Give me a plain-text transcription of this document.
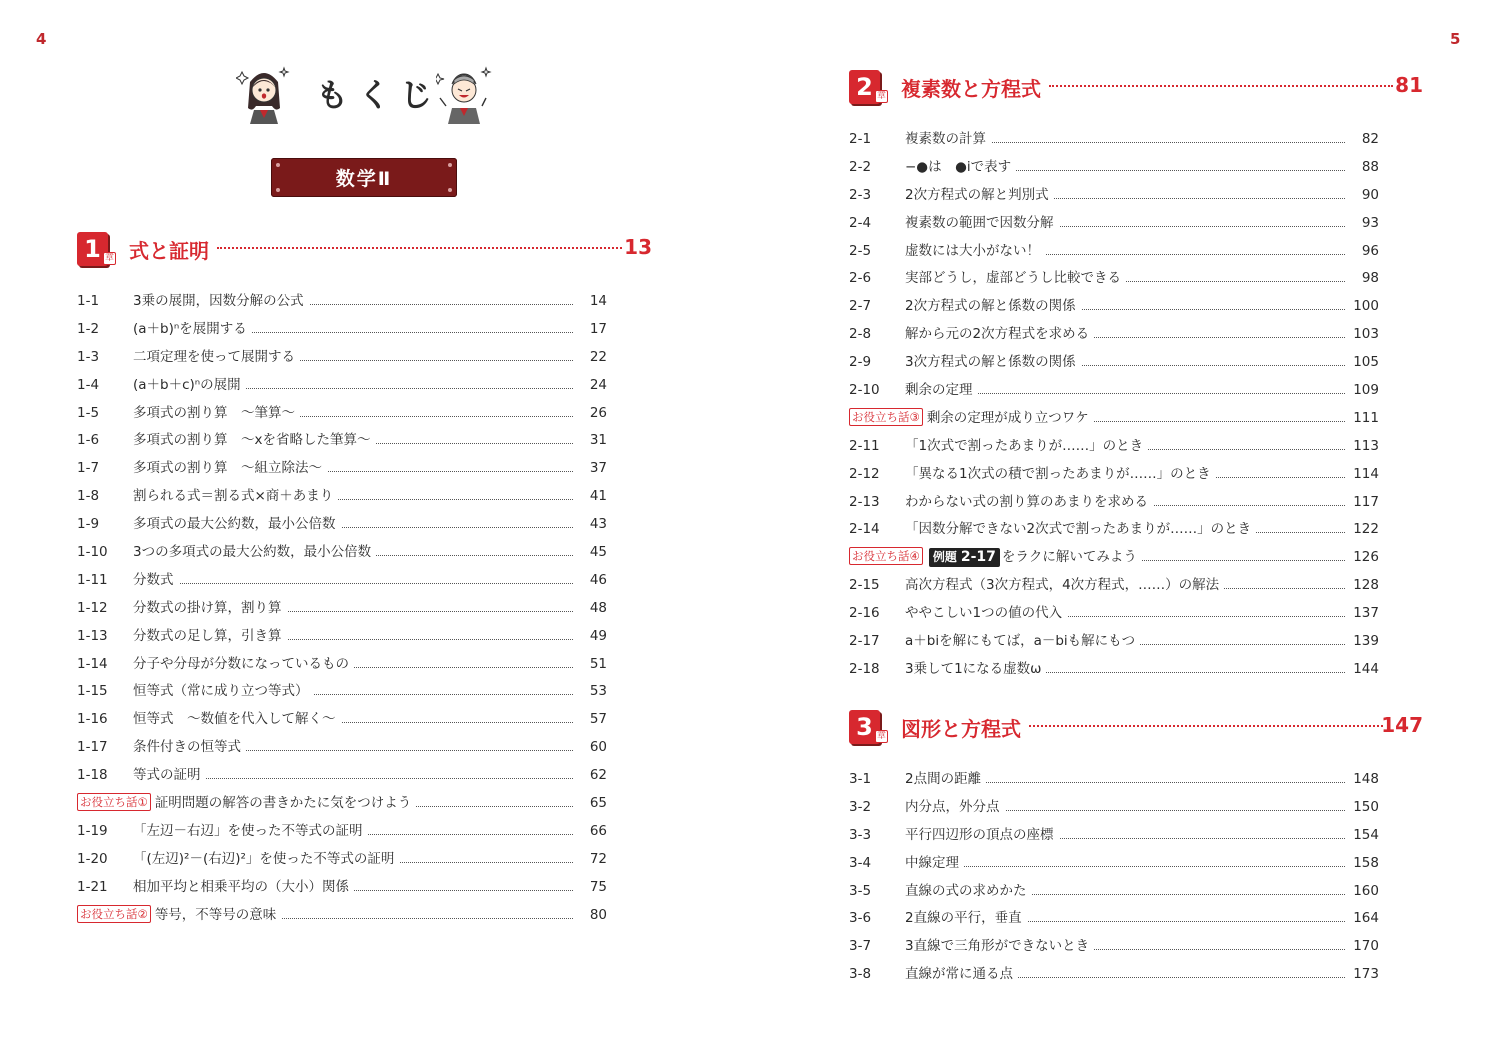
4	5
もくじ
数学Ⅱ
1 章 式と証明	13
1-1	3乗の展開，因数分解の公式	14
1-2	(a＋b)ⁿを展開する	17
1-3	二項定理を使って展開する	22
1-4	(a＋b＋c)ⁿの展開	24
1-5	多項式の割り算　～筆算～	26
1-6	多項式の割り算　～xを省略した筆算～	31
1-7	多項式の割り算　～組立除法～	37
1-8	割られる式＝割る式×商＋あまり	41
1-9	多項式の最大公約数，最小公倍数	43
1-10	3つの多項式の最大公約数，最小公倍数	45
1-11	分数式	46
1-12	分数式の掛け算，割り算	48
1-13	分数式の足し算，引き算	49
1-14	分子や分母が分数になっているもの	51
1-15	恒等式（常に成り立つ等式）	53
1-16	恒等式　～数値を代入して解く～	57
1-17	条件付きの恒等式	60
1-18	等式の証明	62
お役立ち話① 証明問題の解答の書きかたに気をつけよう	65
1-19	「左辺－右辺」を使った不等式の証明	66
1-20	「(左辺)²－(右辺)²」を使った不等式の証明	72
1-21	相加平均と相乗平均の（大小）関係	75
お役立ち話② 等号，不等号の意味	80
2 章 複素数と方程式	81
2-1	複素数の計算	82
2-2	−●は　●iで表す	88
2-3	2次方程式の解と判別式	90
2-4	複素数の範囲で因数分解	93
2-5	虚数には大小がない！	96
2-6	実部どうし，虚部どうし比較できる	98
2-7	2次方程式の解と係数の関係	100
2-8	解から元の2次方程式を求める	103
2-9	3次方程式の解と係数の関係	105
2-10	剰余の定理	109
お役立ち話③ 剰余の定理が成り立つワケ	111
2-11	「1次式で割ったあまりが……」のとき	113
2-12	「異なる1次式の積で割ったあまりが……」のとき	114
2-13	わからない式の割り算のあまりを求める	117
2-14	「因数分解できない2次式で割ったあまりが……」のとき	122
お役立ち話④ 例題 2-17 をラクに解いてみよう	126
2-15	高次方程式（3次方程式，4次方程式，……）の解法	128
2-16	ややこしい1つの値の代入	137
2-17	a＋biを解にもてば，a－biも解にもつ	139
2-18	3乗して1になる虚数ω	144
3 章 図形と方程式	147
3-1	2点間の距離	148
3-2	内分点，外分点	150
3-3	平行四辺形の頂点の座標	154
3-4	中線定理	158
3-5	直線の式の求めかた	160
3-6	2直線の平行，垂直	164
3-7	3直線で三角形ができないとき	170
3-8	直線が常に通る点	173
